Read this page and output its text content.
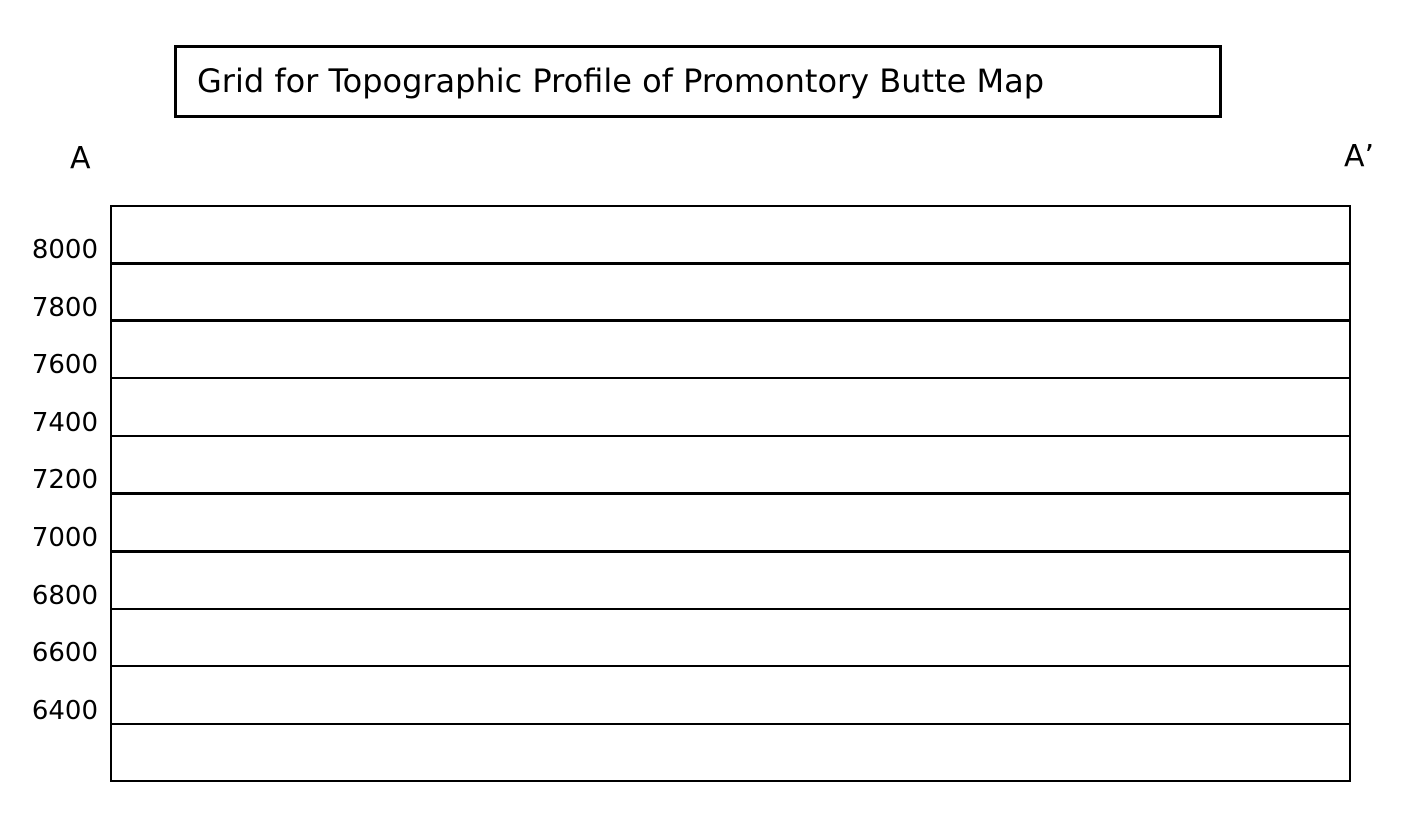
Grid for Topographic Profile of Promontory Butte Map
A	A’
8000
7800
7600
7400
7200
7000
6800
6600
6400
